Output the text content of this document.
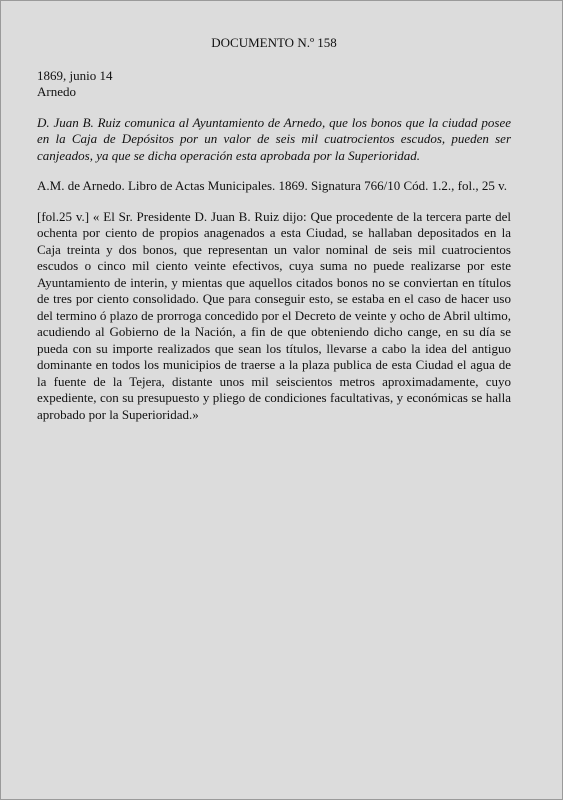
DOCUMENTO N.º 158

1869, junio 14

Arnedo

D. Juan B. Ruiz comunica al Ayuntamiento de Arnedo, que los bonos que la ciudad posee en la Caja de Depósitos por un valor de seis mil cuatrocientos escudos, pueden ser canjeados, ya que se dicha operación esta aprobada por la Superioridad.

A.M. de Arnedo. Libro de Actas Municipales. 1869. Signatura 766/10 Cód. 1.2., fol., 25 v.

[fol.25 v.] « El Sr. Presidente D. Juan B. Ruiz dijo: Que procedente de la tercera parte del ochenta por ciento de propios anagenados a esta Ciudad, se hallaban depositados en la Caja treinta y dos bonos, que representan un valor nominal de seis mil cuatrocientos escudos o cinco mil ciento veinte efectivos, cuya suma no puede realizarse por este Ayuntamiento de interin, y mientas que aquellos citados bonos no se conviertan en títulos de tres por ciento consolidado. Que para conseguir esto, se estaba en el caso de hacer uso del termino ó plazo de prorroga concedido por el Decreto de veinte y ocho de Abril ultimo, acudiendo al Gobierno de la Nación, a fin de que obteniendo dicho cange, en su día se pueda con su importe realizados que sean los títulos, llevarse a cabo la idea del antiguo dominante en todos los municipios de traerse a la plaza publica de esta Ciudad el agua de la fuente de la Tejera, distante unos mil seiscientos metros aproximadamente, cuyo expediente, con su presupuesto y pliego de condiciones facultativas, y económicas se halla aprobado por la Superioridad.»
